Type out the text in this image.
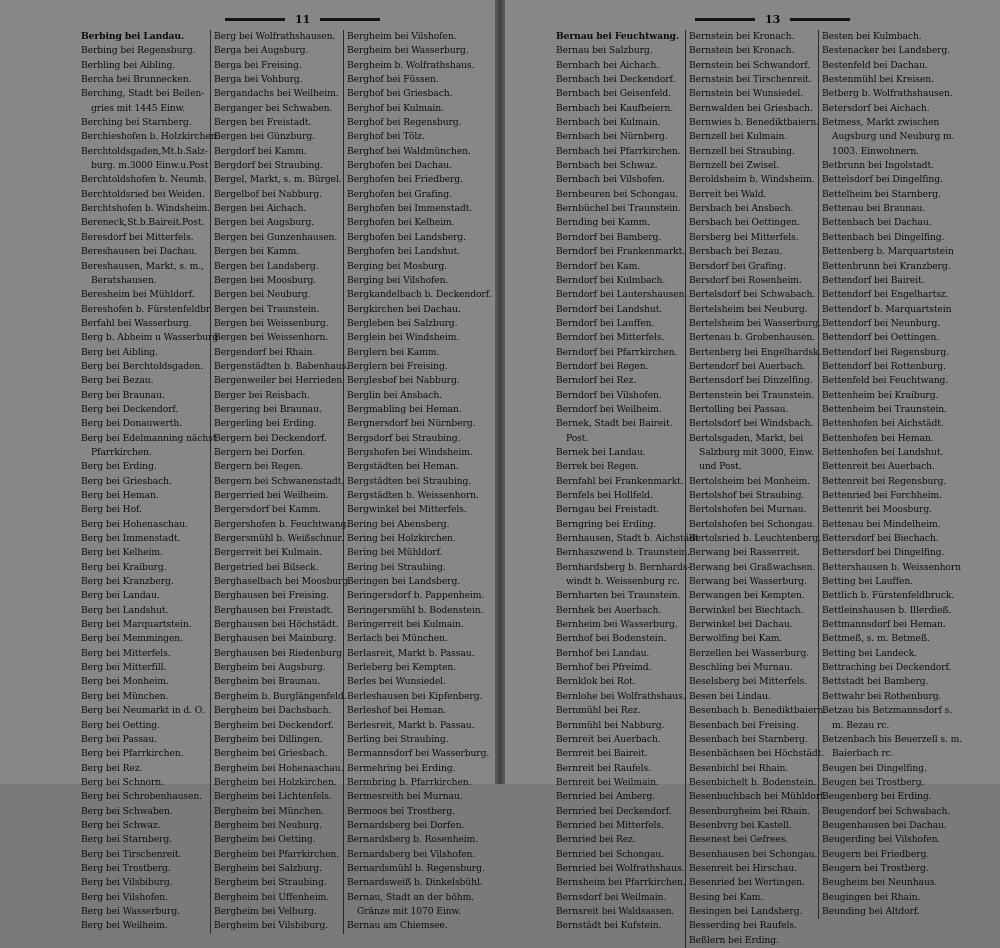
11
Berbing bei Landau.
Berbing bei Regensburg.
Berbling bei Aibling.
Bercha bei Brunnecken.
Berching, Stadt bei Beilen-
gries mit 1445 Einw.
Berching bei Starnberg.
Berchieshofen b. Holzkirchen.
Berchtoldsgaden,Mt.b.Salz-
burg. m.3000 Einw.u.Post
Berchtoldshofen b. Neumb.
Berchtoldsried bei Weiden.
Berchtshofen b. Windsheim.
Bereneck,St.b.Baireit.Post.
Beresdorf bei Mitterfels.
Bereshausen bei Dachau.
Bereshausen, Markt, s. m.,
Beratshausen.
Beresheim bei Mühldorf.
Bereshofen b. Fürstenfeldbr.
Berfahl bei Wasserburg.
Berg b. Abheim u Wasserburg
Berg bei Aibling.
Berg bei Berchtoldsgaden.
Berg bei Bezau.
Berg bei Braunau.
Berg bei Deckendorf.
Berg bei Donauwerth.
Berg bei Edelmanning nächst
Pfarrkirchen.
Berg bei Erding.
Berg bei Griesbach.
Berg bei Heman.
Berg bei Hof.
Berg bei Hohenaschau.
Berg bei Immenstadt.
Berg bei Kelheim.
Berg bei Kraiburg.
Berg bei Kranzberg.
Berg bei Landau.
Berg bei Landshut.
Berg bei Marquartstein.
Berg bei Memmingen.
Berg bei Mitterfels.
Berg bei Mitterfill.
Berg bei Monheim.
Berg bei München.
Berg bei Neumarkt in d. O.
Berg bei Oetting.
Berg bei Passau.
Berg bei Pfarrkirchen.
Berg bei Rez.
Berg bei Schnorn.
Berg bei Schrobenhausen.
Berg bei Schwaben.
Berg bei Schwaz.
Berg bei Starnberg.
Berg bei Tirschenreit.
Berg bei Trostberg.
Berg bei Vilsbiburg.
Berg bei Vilshofen.
Berg bei Wasserburg.
Berg bei Weilheim.
Berg bei Wolfrathshausen.
Berga bei Augsburg.
Berga bei Freising.
Berga bei Vohburg.
Bergandachs bei Weilheim.
Berganger bei Schwaben.
Bergen bei Freistadt.
Bergen bei Günzburg.
Bergdorf bei Kamm.
Bergdorf bei Straubing.
Bergel, Markt, s. m. Bürgel.
Bergelbof bei Nabburg.
Bergen bei Aichach.
Bergen bei Augsburg.
Bergen bei Gunzenhausen.
Bergen bei Kamm.
Bergen bei Landsberg.
Bergen bei Moosburg.
Bergen bei Neuburg.
Bergen bei Traunstein.
Bergen bei Weissenburg.
Bergen bei Weissenhorn.
Bergendorf bei Rhain.
Bergenstädten b. Babenhaus.
Bergenweiler bei Herrieden.
Berger bei Reisbach.
Bergering bei Braunau.
Bergerling bei Erding.
Bergern bei Deckendorf.
Bergern bei Dorfen.
Bergern bei Regen.
Bergern bei Schwanenstadt.
Bergerried bei Weilheim.
Bergersdorf bei Kamm.
Bergershofen b. Feuchtwang.
Bergersmühl b. Weißschnur.
Bergerreit bei Kulmain.
Bergetried bei Bilseck.
Berghaselbach bei Moosburg.
Berghausen bei Freising.
Berghausen bei Freistadt.
Berghausen bei Höchstädt.
Berghausen bei Mainburg.
Berghausen bei Riedenburg.
Bergheim bei Augsburg.
Bergheim bei Braunau.
Bergheim b. Burglängenfeld.
Bergheim bei Dachsbach.
Bergheim bei Deckendorf.
Bergheim bei Dillingen.
Bergheim bei Griesbach.
Bergheim bei Hohenaschau.
Bergheim bei Holzkirchen.
Bergheim bei Lichtenfels.
Bergheim bei München.
Bergheim bei Neuburg.
Bergheim bei Oetting.
Bergheim bei Pfarrkirchen.
Bergheim bei Salzburg.
Bergheim bei Straubing.
Bergheim bei Uffenheim.
Bergheim bei Velburg.
Bergheim bei Vilsbiburg.
Bergheim bei Vilshofen.
Bergheim bei Wasserburg.
Bergheim b. Wolfrathshaus.
Berghof bei Füssen.
Berghof bei Griesbach.
Berghof bei Kulmain.
Berghof bei Regensburg.
Berghof bei Tölz.
Berghof bei Waldmünchen.
Berghofen bei Dachau.
Berghofen bei Friedberg.
Berghofen bei Grafing.
Berghofen bei Immenstadt.
Berghofen bei Kelheim.
Berghofen bei Landsberg.
Berghofen bei Landshut.
Berging bei Mosburg.
Berging bei Vilshofen.
Bergkandelbach b. Deckendorf.
Bergkirchen bei Dachau.
Bergleben bei Salzburg.
Berglein bei Windsheim.
Berglern bei Kamm.
Berglern bei Freising.
Berglesbof bei Nabburg.
Berglin bei Ansbach.
Bergmabling bei Heman.
Bergnersdorf bei Nürnberg.
Bergsdorf bei Straubing.
Bergshofen bei Windsheim.
Bergstädten bei Heman.
Bergstädten bei Straubing.
Bergstädten b. Weissenhorn.
Bergwinkel bei Mitterfels.
Bering bei Abensberg.
Bering bei Holzkirchen.
Bering bei Mühldorf.
Bering bei Straubing.
Beringen bei Landsberg.
Beringersdorf b. Pappenheim.
Beringersmühl b. Bodenstein.
Beringerreit bei Kulmain.
Berlach bei München.
Berlasreit, Markt b. Passau.
Berleberg bei Kempten.
Berles bei Wunsiedel.
Berleshausen bei Kipfenberg.
Berleshof bei Heman.
Berlesreit, Markt b. Passau.
Berling bei Straubing.
Bermannsdorf bei Wasserburg.
Bermehring bei Erding.
Bermbring b. Pfarrkirchen.
Bermesreith bei Murnau.
Bermoos bei Trostberg.
Bernardsberg bei Dorfen.
Bernardsberg b. Rosenheim.
Bernardsberg bei Vilshofen.
Bernardsmühl b. Regensburg.
Bernardsweiß b. Dinkelsbühl.
Bernau, Stadt an der böhm.
Gränze mit 1070 Einw.
Bernau am Chiemsee.
13
Bernau bei Feuchtwang.
Bernau bei Salzburg.
Bernbach bei Aichach.
Bernbach bei Deckendorf.
Bernbach bei Geisenfeld.
Bernbach bei Kaufbeiern.
Bernbach bei Kulmain.
Bernbach bei Nürnberg.
Bernbach bei Pfarrkirchen.
Bernbach bei Schwaz.
Bernbach bei Vilshofen.
Bernbeuren bei Schongau.
Bernbüchel bei Traunstein.
Bernding bei Kamm.
Berndorf bei Bamberg.
Berndorf bei Frankenmarkt.
Berndorf bei Kam.
Berndorf bei Kulmbach.
Berndorf bei Lautershausen.
Berndorf bei Landshut.
Berndorf bei Lauffen.
Berndorf bei Mitterfels.
Berndorf bei Pfarrkirchen.
Berndorf bei Regen.
Berndorf bei Rez.
Berndorf bei Vilshofen.
Berndorf bei Weilheim.
Bernek, Stadt bei Baireit.
Post.
Bernek bei Landau.
Berrek bei Regen.
Bernfahl bei Frankenmarkt.
Bernfels bei Hollfeld.
Berngau bei Freistadt.
Berngring bei Erding.
Bernhausen, Stadt b. Aichstädt
Bernhaszwend b. Traunstein.
Bernhardsberg b. Bernhards-
windt b. Weissenburg rc.
Bernharten bei Traunstein.
Bernhek bei Auerbach.
Bernheim bei Wasserburg.
Bernhof bei Bodenstein.
Bernhof bei Landau.
Bernhof bei Pfreimd.
Bernklok bei Rot.
Bernlohe bei Wolfrathshaus.
Bernmühl bei Rez.
Bernmühl bei Nabburg.
Bernreit bei Auerbach.
Bernreit bei Baireit.
Bernreit bei Raufels.
Bernreit bei Weilmain.
Bernried bei Amberg.
Bernried bei Deckendorf.
Bernried bei Mitterfels.
Bernried bei Rez.
Bernried bei Schongau.
Bernried bei Wolfrathshaus.
Bernsheim bei Pfarrkirchen.
Bernsdorf bei Weilmain.
Bernsreit bei Waldsassen.
Bernstädt bei Kufstein.
Bernstein bei Kronach.
Bernstein bei Kronach.
Bernstein bei Schwandorf.
Bernstein bei Tirschenreit.
Bernstein bei Wunsiedel.
Bernwalden bei Griesbach.
Bernwies b. Benediktbaiern.
Bernzell bei Kulmain.
Bernzell bei Straubing.
Bernzell bei Zwisel.
Beroldsheim b. Windsheim.
Berreit bei Wald.
Bersbach bei Ansbach.
Bersbach bei Oettingen.
Bersberg bei Mitterfels.
Bersbach bei Bezau.
Bersdorf bei Grafing.
Bersdorf bei Rosenheim.
Bertelsdorf bei Schwabach.
Bertelsheim bei Neuburg.
Bertelsheim bei Wasserburg.
Bertenau b. Grobenhausen.
Bertenberg bei Engelhardsk.
Bertendorf bei Auerbach.
Bertensdorf bei Dinzelfing.
Bertenstein bei Traunstein.
Bertolling bei Passau.
Bertolsdorf bei Windsbach.
Bertolsgaden, Markt, bei
Salzburg mit 3000, Einw.
und Post.
Bertolsheim bei Monheim.
Bertolshof bei Straubing.
Bertolshofen bei Murnau.
Bertolshofen bei Schongau.
Bertolsried b. Leuchtenberg.
Berwang bei Rasserreit.
Berwang bei Graßwachsen.
Berwang bei Wasserburg.
Berwangen bei Kempten.
Berwinkel bei Biechtach.
Berwinkel bei Dachau.
Berwolfing bei Kam.
Berzellen bei Wasserburg.
Beschling bei Murnau.
Beselsberg bei Mitterfels.
Besen bei Lindau.
Besenbach b. Benediktbaiern.
Besenbach bei Freising.
Besenbach bei Starnberg.
Besenbächsen bei Höchstädt.
Besenbichl bei Rhain.
Besenbichelt b. Bodenstein.
Besenbuchbach bei Mühldorf.
Besenburgheim bei Rhain.
Besenbvrg bei Kastell.
Besenest bei Gefrees.
Besenhausen bei Schongau.
Besenreit bei Hirschau.
Besenried bei Wertingen.
Besing bei Kam.
Besingen bei Landsberg.
Besserding bei Raufels.
Beßlern bei Erding.
Besten bei Kulmbach.
Bestenacker bei Landsberg.
Bestenfeld bei Dachau.
Bestenmühl bei Kreisen.
Betberg b. Wolfrathshausen.
Betersdorf bei Aichach.
Betmess, Markt zwischen
Augsburg und Neuburg m.
1003. Einwohnern.
Betbrunn bei Ingolstadt.
Bettelsdorf bei Dingelfing.
Bettelheim bei Starnberg.
Bettenau bei Braunau.
Bettenbach bei Dachau.
Bettenbach bei Dingelfing.
Bettenberg b. Marquartstein
Bettenbrunn bei Kranzberg.
Bettendorf bei Baireit.
Bettendorf bei Engelhartsz.
Bettendorf b. Marquartstein
Bettendorf bei Neunburg.
Bettendorf bei Oettingen.
Bettendorf bei Regensburg.
Bettendorf bei Rottenburg.
Bettenfeld bei Feuchtwang.
Bettenheim bei Kraiburg.
Bettenheim bei Traunstein.
Bettenhofen bei Aichstädt.
Bettenhofen bei Heman.
Bettenhofen bei Landshut.
Bettenreit bei Auerbach.
Bettenreit bei Regensburg.
Bettenried bei Forchheim.
Bettenrit bei Moosburg.
Bettenau bei Mindelheim.
Bettersdorf bei Biechach.
Bettersdorf bei Dingelfing.
Bettershausen b. Weissenhorn
Betting bei Lauffen.
Bettlich b. Fürstenfeldbruck.
Bettleinshausen b. Illerdieß.
Bettmannsdorf bei Heman.
Bettmeß, s. m. Betmeß.
Betting bei Landeck.
Bettraching bei Deckendorf.
Bettstadt bei Bamberg.
Bettwahr bei Rothenburg.
Betzau bis Betzmannsdorf s.
m. Bezau rc.
Betzenbach bis Beuerzell s. m.
Baierbach rc.
Beugen bei Dingelfing.
Beugen bei Trostberg.
Beugenberg bei Erding.
Beugendorf bei Schwabach.
Beugenhausen bei Dachau.
Beugerding bei Vilshofen.
Beugern bei Friedberg.
Beugern bei Trostberg.
Beugheim bei Neunhaus.
Beugingen bei Rhain.
Beunding bei Altdorf.
